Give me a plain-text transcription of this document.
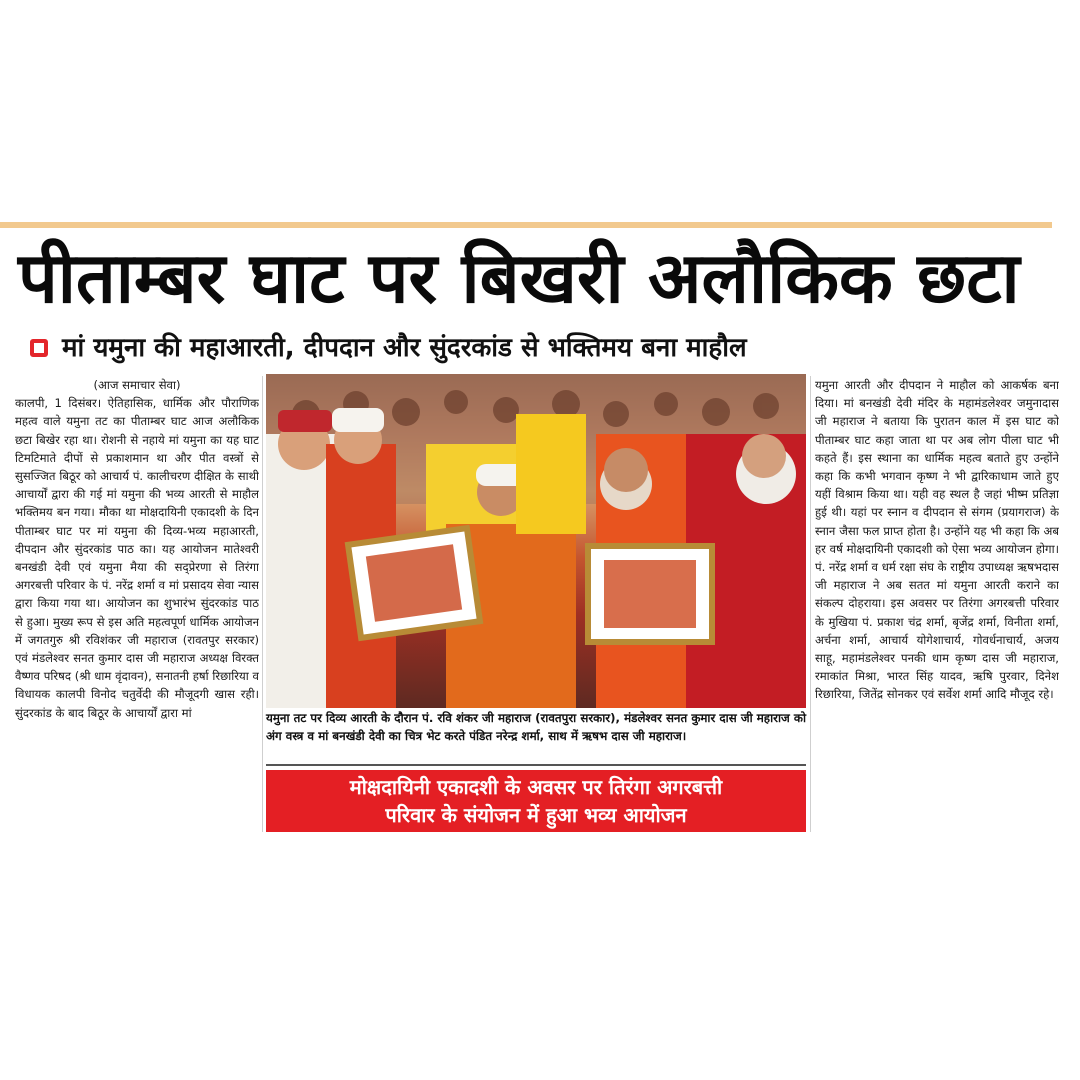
पीताम्बर घाट पर बिखरी अलौकिक छटा
मां यमुना की महाआरती, दीपदान और सुंदरकांड से भक्तिमय बना माहौल
(आज समाचार सेवा)
कालपी, 1 दिसंबर। ऐतिहासिक, धार्मिक और पौराणिक महत्व वाले यमुना तट का पीताम्बर घाट आज अलौकिक छटा बिखेर रहा था। रोशनी से नहाये मां यमुना का यह घाट टिमटिमाते दीपों से प्रकाशमान था और पीत वस्त्रों से सुसज्जित बिठूर को आचार्य पं. कालीचरण दीक्षित के साथी आचार्यों द्वारा की गई मां यमुना की भव्य आरती से माहौल भक्तिमय बन गया। मौका था मोक्षदायिनी एकादशी के दिन पीताम्बर घाट पर मां यमुना की दिव्य-भव्य महाआरती, दीपदान और सुंदरकांड पाठ का। यह आयोजन मातेश्वरी बनखंडी देवी एवं यमुना मैया की सद्प्रेरणा से तिरंगा अगरबत्ती परिवार के पं. नरेंद्र शर्मा व मां प्रसादय सेवा न्यास द्वारा किया गया था। आयोजन का शुभारंभ सुंदरकांड पाठ से हुआ। मुख्य रूप से इस अति महत्वपूर्ण धार्मिक आयोजन में जगतगुरु श्री रविशंकर जी महाराज (रावतपुर सरकार) एवं मंडलेश्वर सनत कुमार दास जी महाराज अध्यक्ष विरक्त वैष्णव परिषद (श्री धाम वृंदावन), सनातनी हर्षा रिछारिया व विधायक कालपी विनोद चतुर्वेदी की मौजूदगी खास रही। सुंदरकांड के बाद बिठूर के आचार्यों द्वारा मां	यमुना तट पर दिव्य आरती के दौरान पं. रवि शंकर जी महाराज (रावतपुरा सरकार), मंडलेश्वर सनत कुमार दास जी महाराज को अंग वस्त्र व मां बनखंडी देवी का चित्र भेट करते पंडित नरेन्द्र शर्मा, साथ में ऋषभ दास जी महाराज।
मोक्षदायिनी एकादशी के अवसर पर तिरंगा अगरबत्ती
परिवार के संयोजन में हुआ भव्य आयोजन
यमुना आरती और दीपदान ने माहौल को आकर्षक बना दिया। मां बनखंडी देवी मंदिर के महामंडलेश्वर जमुनादास जी महाराज ने बताया कि पुरातन काल में इस घाट को पीताम्बर घाट कहा जाता था पर अब लोग पीला घाट भी कहते हैं। इस स्थाना का धार्मिक महत्व बताते हुए उन्होंने कहा कि कभी भगवान कृष्ण ने भी द्वारिकाधाम जाते हुए यहीं विश्राम किया था। यही वह स्थल है जहां भीष्म प्रतिज्ञा हुई थी। यहां पर स्नान व दीपदान से संगम (प्रयागराज) के स्नान जैसा फल प्राप्त होता है। उन्होंने यह भी कहा कि अब हर वर्ष मोक्षदायिनी एकादशी को ऐसा भव्य आयोजन होगा। पं. नरेंद्र शर्मा व धर्म रक्षा संघ के राष्ट्रीय उपाध्यक्ष ऋषभदास जी महाराज ने अब सतत मां यमुना आरती कराने का संकल्प दोहराया। इस अवसर पर तिरंगा अगरबत्ती परिवार के मुखिया पं. प्रकाश चंद्र शर्मा, बृजेंद्र शर्मा, विनीता शर्मा, अर्चना शर्मा, आचार्य योगेशाचार्य, गोवर्धनाचार्य, अजय साहू, महामंडलेश्वर पनकी धाम कृष्ण दास जी महाराज, रमाकांत मिश्रा, भारत सिंह यादव, ऋषि पुरवार, दिनेश रिछारिया, जितेंद्र सोनकर एवं सर्वेश शर्मा आदि मौजूद रहे।
